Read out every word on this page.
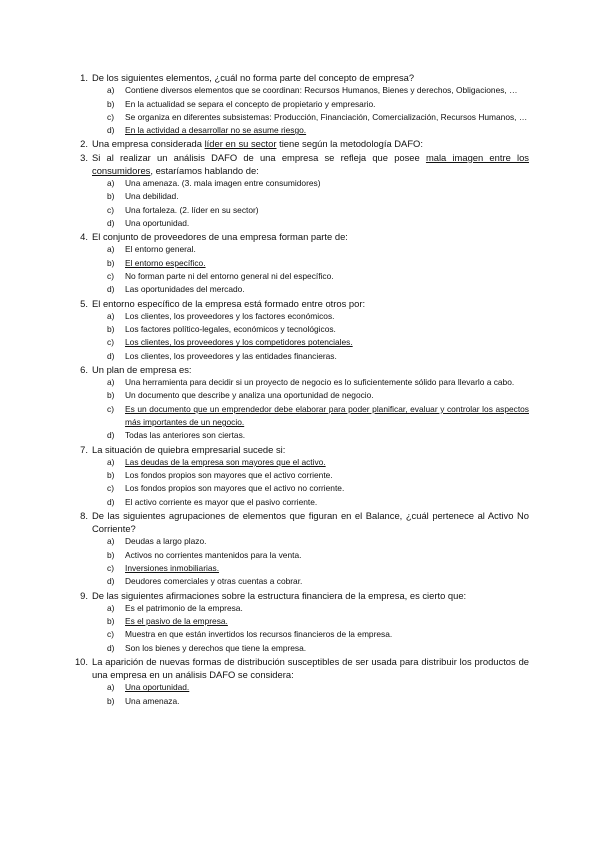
1. De los siguientes elementos, ¿cuál no forma parte del concepto de empresa?
a) Contiene diversos elementos que se coordinan: Recursos Humanos, Bienes y derechos, Obligaciones, …
b) En la actualidad se separa el concepto de propietario y empresario.
c) Se organiza en diferentes subsistemas: Producción, Financiación, Comercialización, Recursos Humanos, …
d) En la actividad a desarrollar no se asume riesgo.
2. Una empresa considerada líder en su sector tiene según la metodología DAFO:
3. Si al realizar un análisis DAFO de una empresa se refleja que posee mala imagen entre los consumidores, estaríamos hablando de:
a) Una amenaza. (3. mala imagen entre consumidores)
b) Una debilidad.
c) Una fortaleza. (2. líder en su sector)
d) Una oportunidad.
4. El conjunto de proveedores de una empresa forman parte de:
a) El entorno general.
b) El entorno específico.
c) No forman parte ni del entorno general ni del específico.
d) Las oportunidades del mercado.
5. El entorno específico de la empresa está formado entre otros por:
a) Los clientes, los proveedores y los factores económicos.
b) Los factores político-legales, económicos y tecnológicos.
c) Los clientes, los proveedores y los competidores potenciales.
d) Los clientes, los proveedores y las entidades financieras.
6. Un plan de empresa es:
a) Una herramienta para decidir si un proyecto de negocio es lo suficientemente sólido para llevarlo a cabo.
b) Un documento que describe y analiza una oportunidad de negocio.
c) Es un documento que un emprendedor debe elaborar para poder planificar, evaluar y controlar los aspectos más importantes de un negocio.
d) Todas las anteriores son ciertas.
7. La situación de quiebra empresarial sucede si:
a) Las deudas de la empresa son mayores que el activo.
b) Los fondos propios son mayores que el activo corriente.
c) Los fondos propios son mayores que el activo no corriente.
d) El activo corriente es mayor que el pasivo corriente.
8. De las siguientes agrupaciones de elementos que figuran en el Balance, ¿cuál pertenece al Activo No Corriente?
a) Deudas a largo plazo.
b) Activos no corrientes mantenidos para la venta.
c) Inversiones inmobiliarias.
d) Deudores comerciales y otras cuentas a cobrar.
9. De las siguientes afirmaciones sobre la estructura financiera de la empresa, es cierto que:
a) Es el patrimonio de la empresa.
b) Es el pasivo de la empresa.
c) Muestra en que están invertidos los recursos financieros de la empresa.
d) Son los bienes y derechos que tiene la empresa.
10. La aparición de nuevas formas de distribución susceptibles de ser usada para distribuir los productos de una empresa en un análisis DAFO se considera:
a) Una oportunidad.
b) Una amenaza.
